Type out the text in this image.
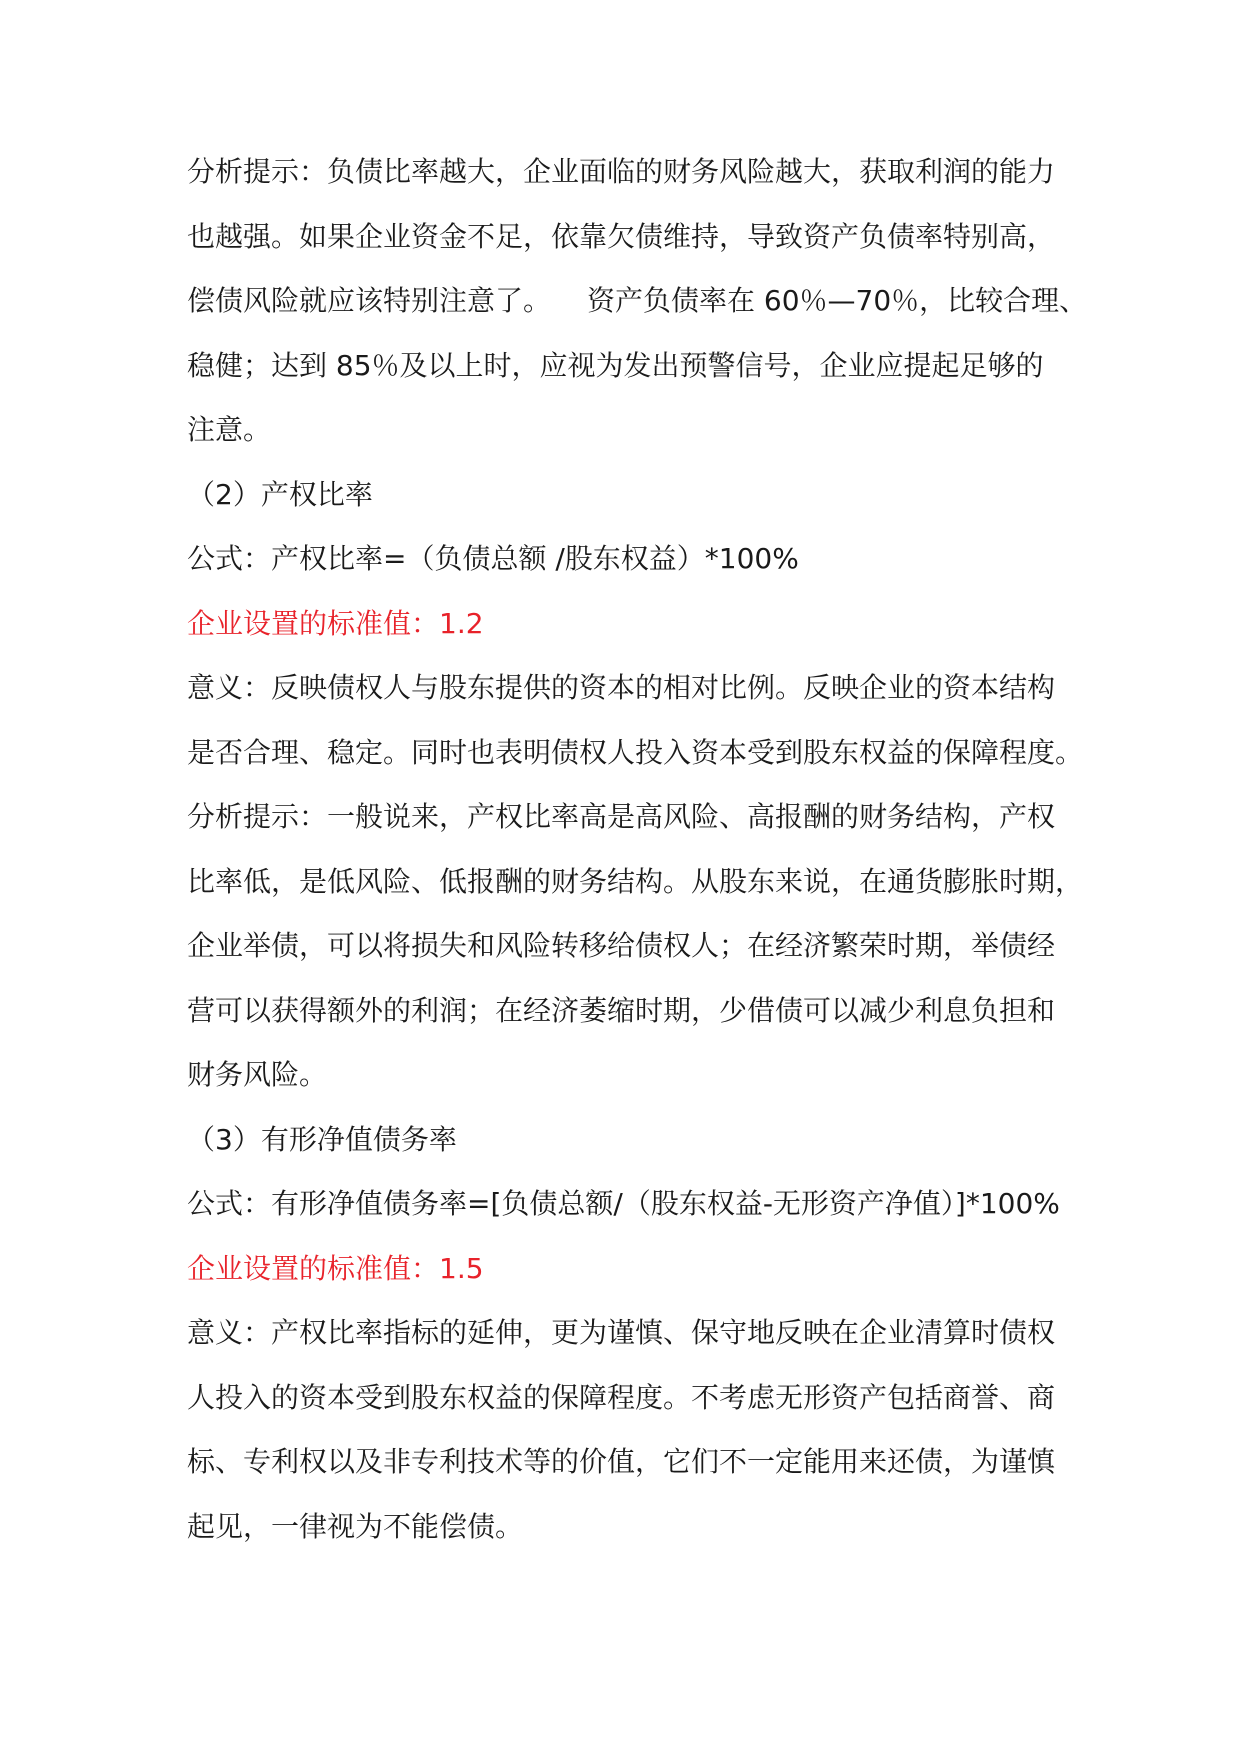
分析提示：负债比率越大，企业面临的财务风险越大，获取利润的能力
也越强。如果企业资金不足，依靠欠债维持，导致资产负债率特别高，
偿债风险就应该特别注意了。 资产负债率在 60％—70％，比较合理、
稳健；达到 85％及以上时，应视为发出预警信号，企业应提起足够的
注意。
（2）产权比率
公式：产权比率=（负债总额 /股东权益）*100%
企业设置的标准值：1.2
意义：反映债权人与股东提供的资本的相对比例。反映企业的资本结构
是否合理、稳定。同时也表明债权人投入资本受到股东权益的保障程度。
分析提示：一般说来，产权比率高是高风险、高报酬的财务结构，产权
比率低，是低风险、低报酬的财务结构。从股东来说，在通货膨胀时期，
企业举债，可以将损失和风险转移给债权人；在经济繁荣时期，举债经
营可以获得额外的利润；在经济萎缩时期，少借债可以减少利息负担和
财务风险。
（3）有形净值债务率
公式：有形净值债务率=[负债总额/（股东权益-无形资产净值）]*100%
企业设置的标准值：1.5
意义：产权比率指标的延伸，更为谨慎、保守地反映在企业清算时债权
人投入的资本受到股东权益的保障程度。不考虑无形资产包括商誉、商
标、专利权以及非专利技术等的价值，它们不一定能用来还债，为谨慎
起见，一律视为不能偿债。
